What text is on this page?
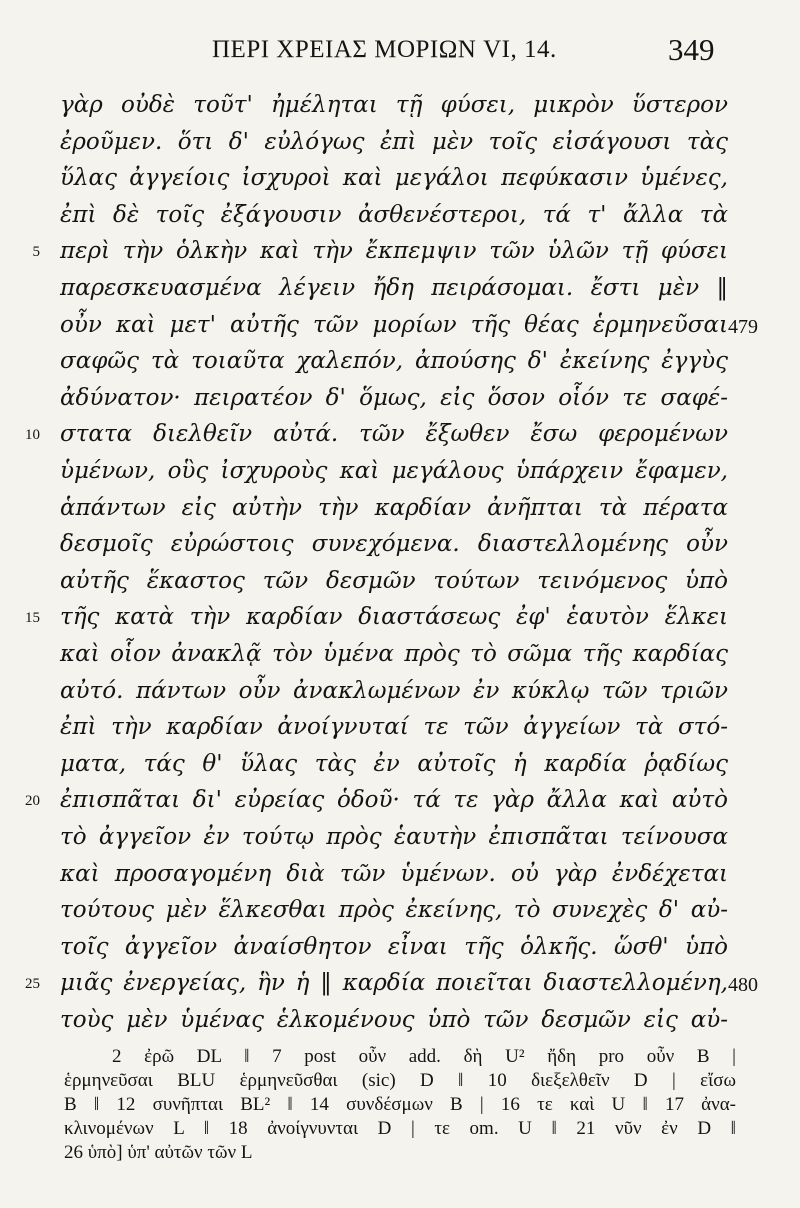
ΠΕΡΙ ΧΡΕΙΑΣ ΜΟΡΙΩΝ VI, 14.	349
γὰρ οὐδὲ τοῦτ' ἠμέληται τῇ φύσει, μικρὸν ὕστερον
ἐροῦμεν. ὅτι δ' εὐλόγως ἐπὶ μὲν τοῖς εἰσάγουσι τὰς
ὕλας ἀγγείοις ἰσχυροὶ καὶ μεγάλοι πεφύκασιν ὑμένες,
ἐπὶ δὲ τοῖς ἐξάγουσιν ἀσθενέστεροι, τά τ' ἄλλα τὰ
5 περὶ τὴν ὁλκὴν καὶ τὴν ἔκπεμψιν τῶν ὑλῶν τῇ φύσει
παρεσκευασμένα λέγειν ἤδη πειράσομαι. ἔστι μὲν ‖
οὖν καὶ μετ' αὐτῆς τῶν μορίων τῆς θέας ἑρμηνεῦσαι 479
σαφῶς τὰ τοιαῦτα χαλεπόν, ἀπούσης δ' ἐκείνης ἐγγὺς
ἀδύνατον· πειρατέον δ' ὅμως, εἰς ὅσον οἷόν τε σαφέ-
10 στατα διελθεῖν αὐτά. τῶν ἔξωθεν ἔσω φερομένων
ὑμένων, οὓς ἰσχυροὺς καὶ μεγάλους ὑπάρχειν ἔφαμεν,
ἁπάντων εἰς αὐτὴν τὴν καρδίαν ἀνῆπται τὰ πέρατα
δεσμοῖς εὐρώστοις συνεχόμενα. διαστελλομένης οὖν
αὐτῆς ἕκαστος τῶν δεσμῶν τούτων τεινόμενος ὑπὸ
15 τῆς κατὰ τὴν καρδίαν διαστάσεως ἐφ' ἑαυτὸν ἕλκει
καὶ οἷον ἀνακλᾷ τὸν ὑμένα πρὸς τὸ σῶμα τῆς καρδίας
αὐτό. πάντων οὖν ἀνακλωμένων ἐν κύκλῳ τῶν τριῶν
ἐπὶ τὴν καρδίαν ἀνοίγνυταί τε τῶν ἀγγείων τὰ στό-
ματα, τάς θ' ὕλας τὰς ἐν αὐτοῖς ἡ καρδία ῥᾳδίως
20 ἐπισπᾶται δι' εὐρείας ὁδοῦ· τά τε γὰρ ἄλλα καὶ αὐτὸ
τὸ ἀγγεῖον ἐν τούτῳ πρὸς ἑαυτὴν ἐπισπᾶται τείνουσα
καὶ προσαγομένη διὰ τῶν ὑμένων. οὐ γὰρ ἐνδέχεται
τούτους μὲν ἕλκεσθαι πρὸς ἐκείνης, τὸ συνεχὲς δ' αὐ-
τοῖς ἀγγεῖον ἀναίσθητον εἶναι τῆς ὁλκῆς. ὥσθ' ὑπὸ
25 μιᾶς ἐνεργείας, ἣν ἡ ‖ καρδία ποιεῖται διαστελλομένη, 480
τοὺς μὲν ὑμένας ἑλκομένους ὑπὸ τῶν δεσμῶν εἰς αὐ-
2 ἐρῶ DL ‖ 7 post οὖν add. δὴ U² ἤδη pro οὖν B |
ἑρμηνεῦσαι BLU ἑρμηνεῦσθαι (sic) D ‖ 10 διεξελθεῖν D | εἴσω
B ‖ 12 συνῆπται BL² ‖ 14 συνδέσμων B | 16 τε καὶ U ‖ 17 ἀνα-
κλινομένων L ‖ 18 ἀνοίγνυνται D | τε om. U ‖ 21 νῦν ἐν D ‖
26 ὑπὸ] ὑπ' αὐτῶν τῶν L
